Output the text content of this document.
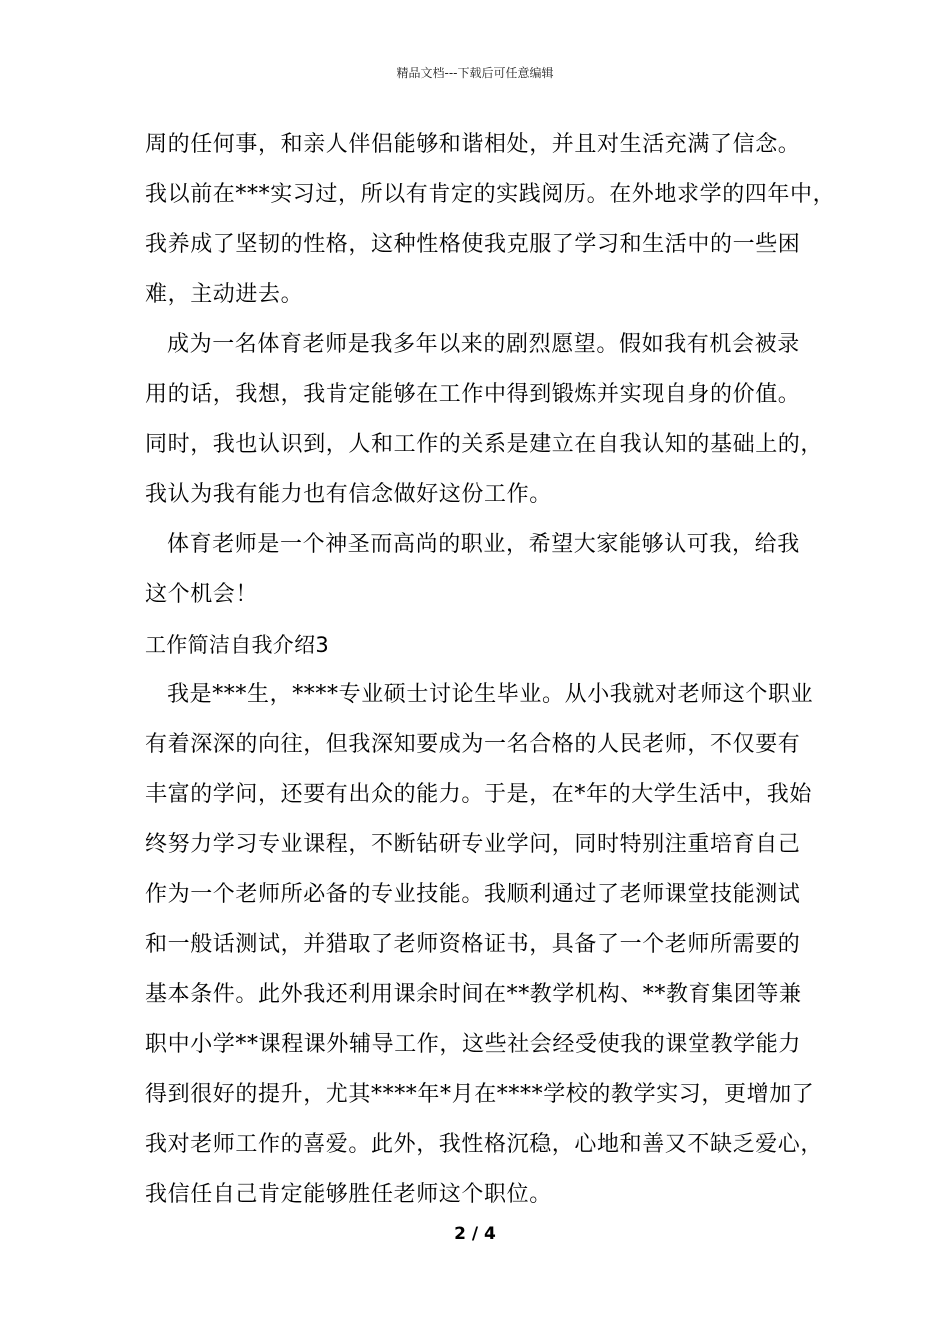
精品文档---下载后可任意编辑
周的任何事，和亲人伴侣能够和谐相处，并且对生活充满了信念。
我以前在***实习过，所以有肯定的实践阅历。在外地求学的四年中，
我养成了坚韧的性格，这种性格使我克服了学习和生活中的一些困
难，主动进去。
成为一名体育老师是我多年以来的剧烈愿望。假如我有机会被录
用的话，我想，我肯定能够在工作中得到锻炼并实现自身的价值。
同时，我也认识到，人和工作的关系是建立在自我认知的基础上的，
我认为我有能力也有信念做好这份工作。
体育老师是一个神圣而高尚的职业，希望大家能够认可我，给我
这个机会！
工作简洁自我介绍3
我是***生，****专业硕士讨论生毕业。从小我就对老师这个职业
有着深深的向往，但我深知要成为一名合格的人民老师，不仅要有
丰富的学问，还要有出众的能力。于是，在*年的大学生活中，我始
终努力学习专业课程，不断钻研专业学问，同时特别注重培育自己
作为一个老师所必备的专业技能。我顺利通过了老师课堂技能测试
和一般话测试，并猎取了老师资格证书，具备了一个老师所需要的
基本条件。此外我还利用课余时间在**教学机构、**教育集团等兼
职中小学**课程课外辅导工作，这些社会经受使我的课堂教学能力
得到很好的提升，尤其****年*月在****学校的教学实习，更增加了
我对老师工作的喜爱。此外，我性格沉稳，心地和善又不缺乏爱心，
我信任自己肯定能够胜任老师这个职位。
2 / 4
